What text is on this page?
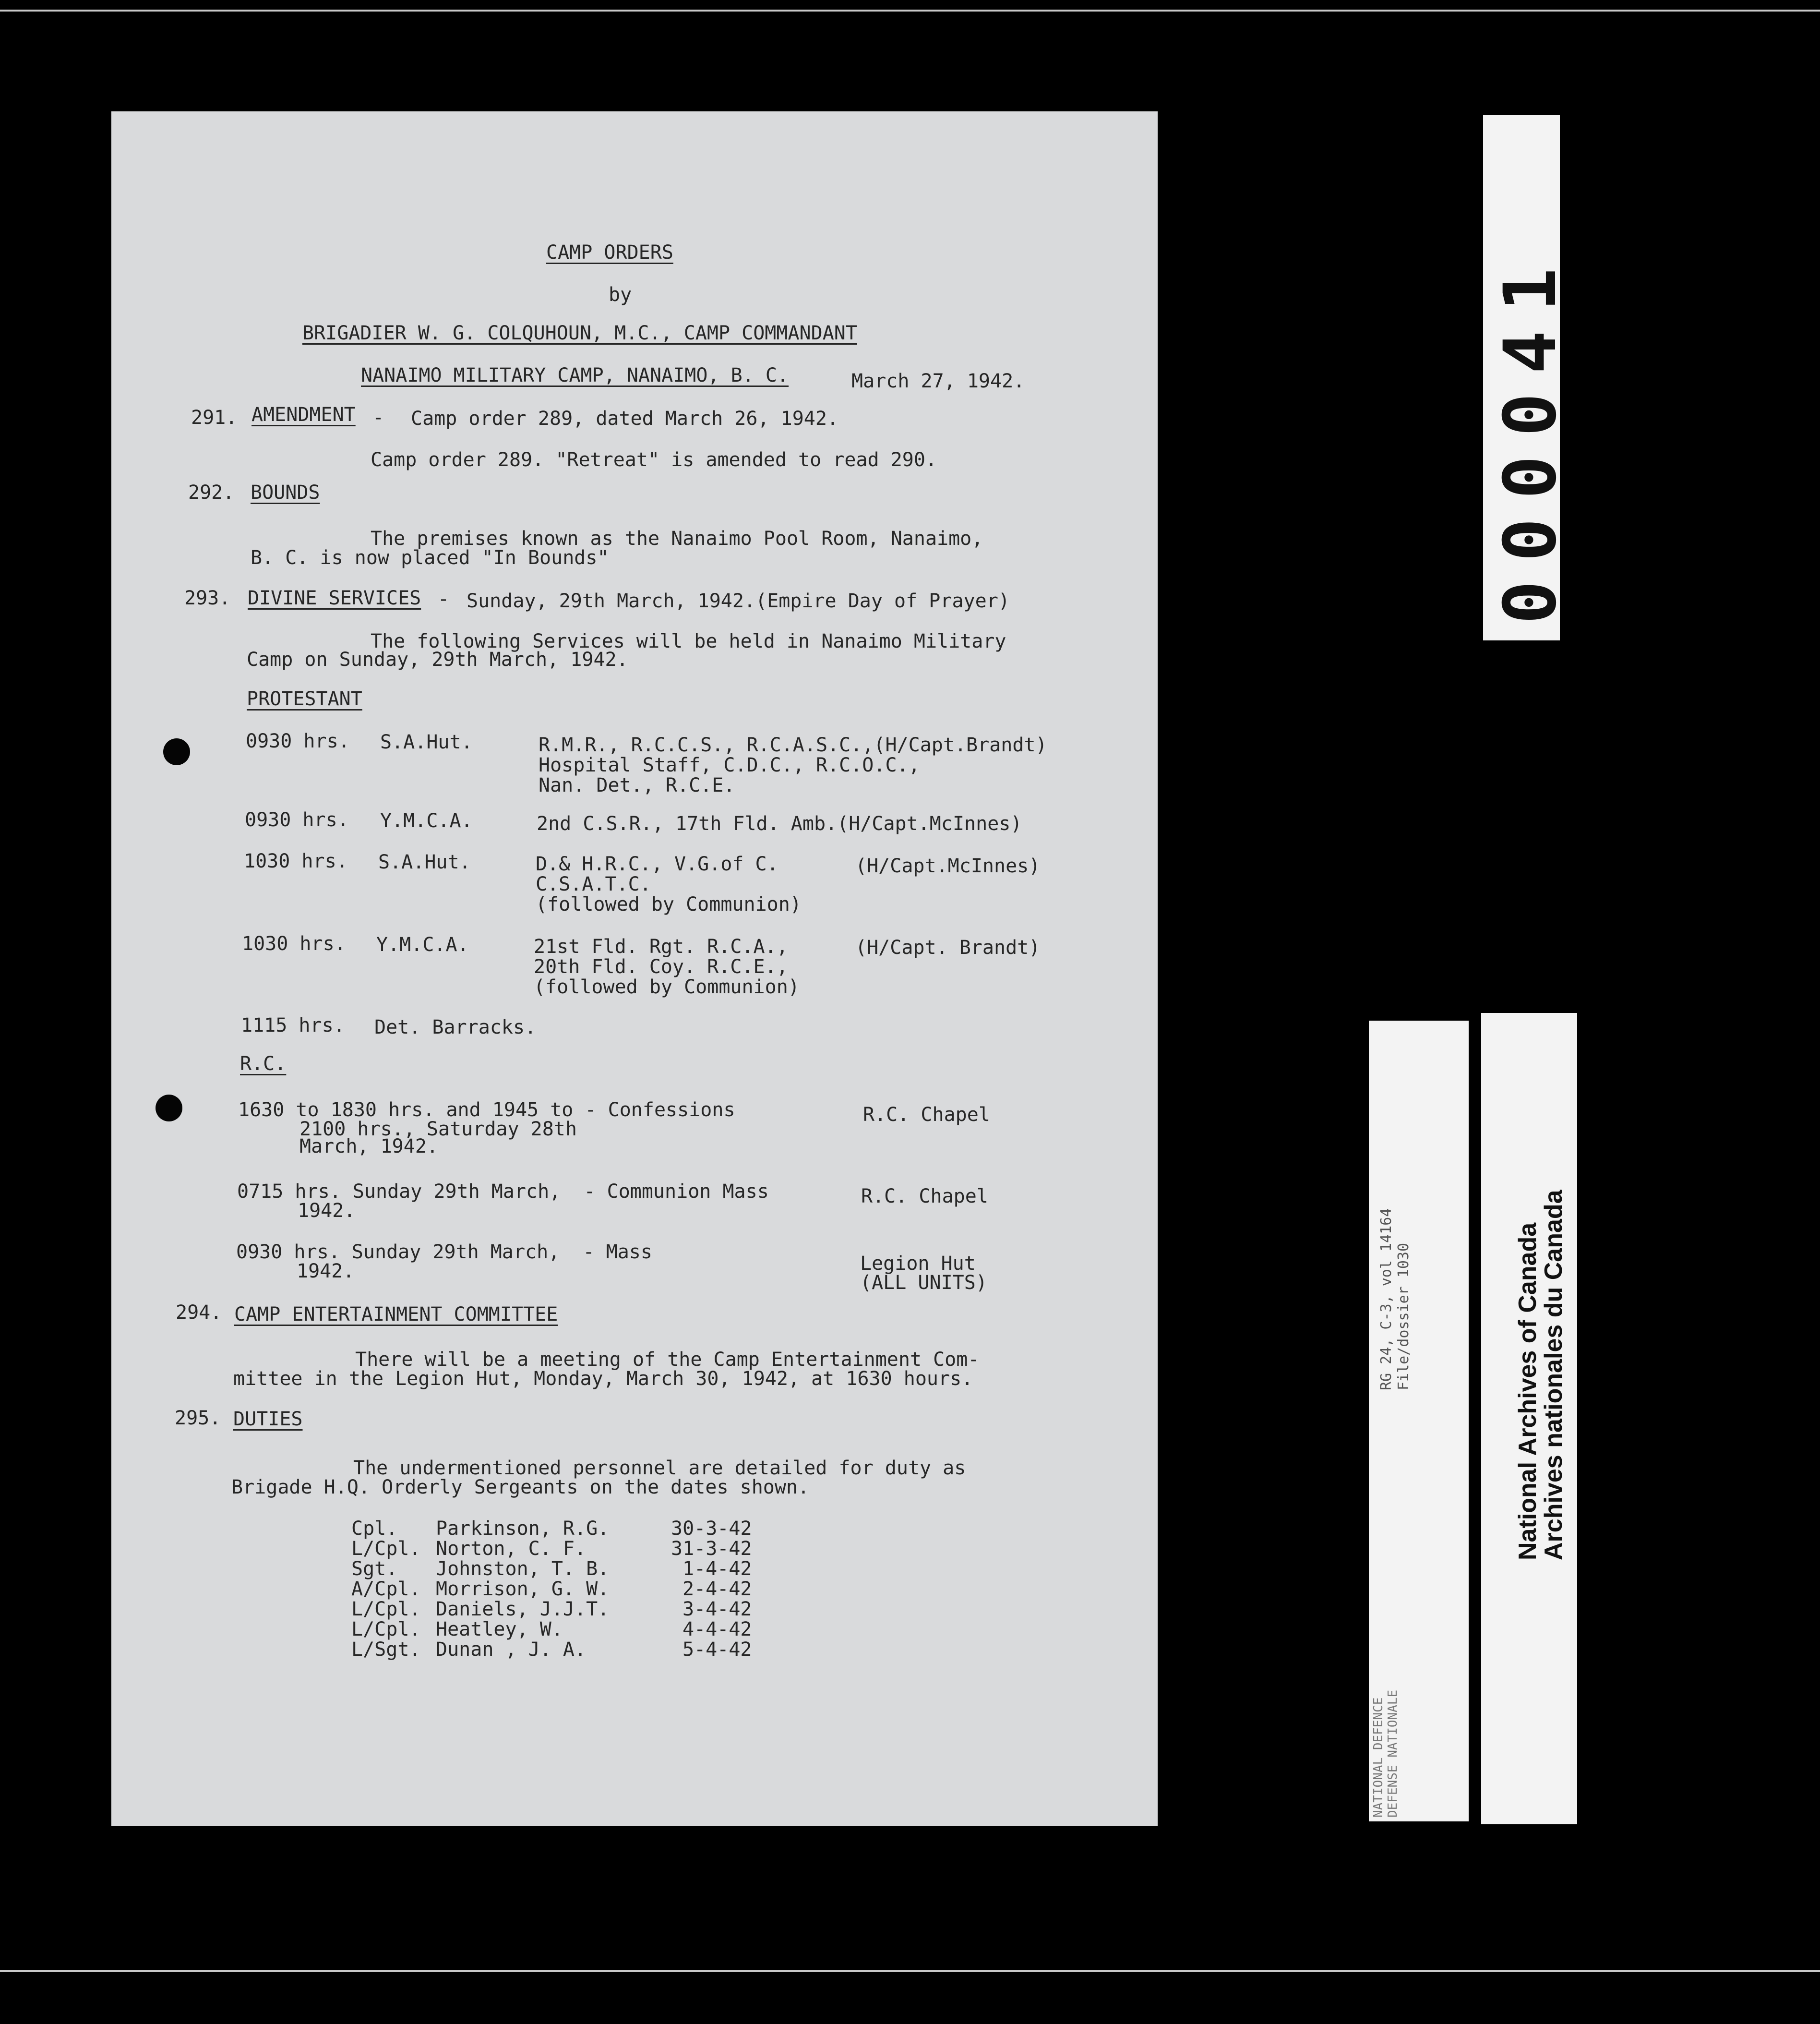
CAMP ORDERS
by
BRIGADIER W. G. COLQUHOUN, M.C., CAMP COMMANDANT
NANAIMO MILITARY CAMP, NANAIMO, B. C.	March 27, 1942.
291. AMENDMENT - Camp order 289, dated March 26, 1942.
Camp order 289. "Retreat" is amended to read 290.
292. BOUNDS
The premises known as the Nanaimo Pool Room, Nanaimo,
B. C. is now placed "In Bounds"
293. DIVINE SERVICES - Sunday, 29th March, 1942.(Empire Day of Prayer)
The following Services will be held in Nanaimo Military
Camp on Sunday, 29th March, 1942.
PROTESTANT
0930 hrs. S.A.Hut.	R.M.R., R.C.C.S., R.C.A.S.C.,(H/Capt.Brandt)
Hospital Staff, C.D.C., R.C.O.C.,
Nan. Det., R.C.E.
0930 hrs. Y.M.C.A.	2nd C.S.R., 17th Fld. Amb.(H/Capt.McInnes)
1030 hrs. S.A.Hut.	D.& H.R.C., V.G.of C.	(H/Capt.McInnes)
C.S.A.T.C.
(followed by Communion)
1030 hrs. Y.M.C.A.	21st Fld. Rgt. R.C.A.,	(H/Capt. Brandt)
20th Fld. Coy. R.C.E.,
(followed by Communion)
1115 hrs. Det. Barracks.
R.C.
1630 to 1830 hrs. and 1945 to - Confessions
2100 hrs., Saturday 28th
March, 1942.
R.C. Chapel
0715 hrs. Sunday 29th March,  - Communion Mass
1942.
R.C. Chapel
0930 hrs. Sunday 29th March,  - Mass
1942.	Legion Hut
(ALL UNITS)
294. CAMP ENTERTAINMENT COMMITTEE
There will be a meeting of the Camp Entertainment Com-
mittee in the Legion Hut, Monday, March 30, 1942, at 1630 hours.
295. DUTIES
The undermentioned personnel are detailed for duty as
Brigade H.Q. Orderly Sergeants on the dates shown.
Cpl. Parkinson, R.G.	30-3-42
L/Cpl. Norton, C. F.	31-3-42
Sgt. Johnston, T. B.	1-4-42
A/Cpl. Morrison, G. W.	2-4-42
L/Cpl. Daniels, J.J.T.	3-4-42
L/Cpl. Heatley, W.	4-4-42
L/Sgt. Dunan , J. A.	5-4-42
000041
RG 24, C-3, vol 14164 File/dossier 1030
NATIONAL DEFENCE DEFENSE NATIONALE
National Archives of Canada
Archives nationales du Canada
